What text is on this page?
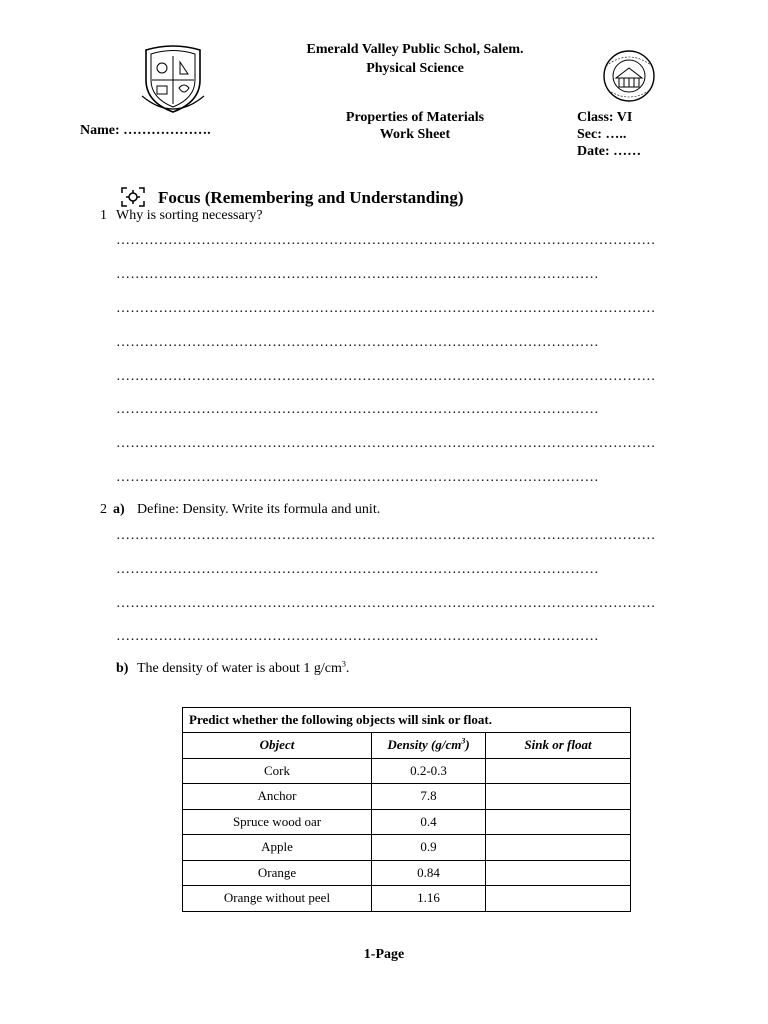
Emerald Valley Public Schol, Salem.
Physical Science
Properties of Materials
Work Sheet
Name: ……………….
Class: VI
Sec: …..
Date: ……
Focus (Remembering and Understanding)
1 Why is sorting necessary?
……………………………………………………………………………………………………
…………………………………………………………………………………………
……………………………………………………………………………………………………
…………………………………………………………………………………………
……………………………………………………………………………………………………
…………………………………………………………………………………………
……………………………………………………………………………………………………
…………………………………………………………………………………………
2 a) Define: Density. Write its formula and unit.
……………………………………………………………………………………………………
…………………………………………………………………………………………
……………………………………………………………………………………………………
…………………………………………………………………………………………
b) The density of water is about 1 $g/cm^3$.
Predict whether the following objects will sink or float.		
Object	Density $(g/cm^3)$	Sink or float
Cork	0.2-0.3	
Anchor	7.8	
Spruce wood oar	0.4	
Apple	0.9	
Orange	0.84	
Orange without peel	1.16	
1-Page
